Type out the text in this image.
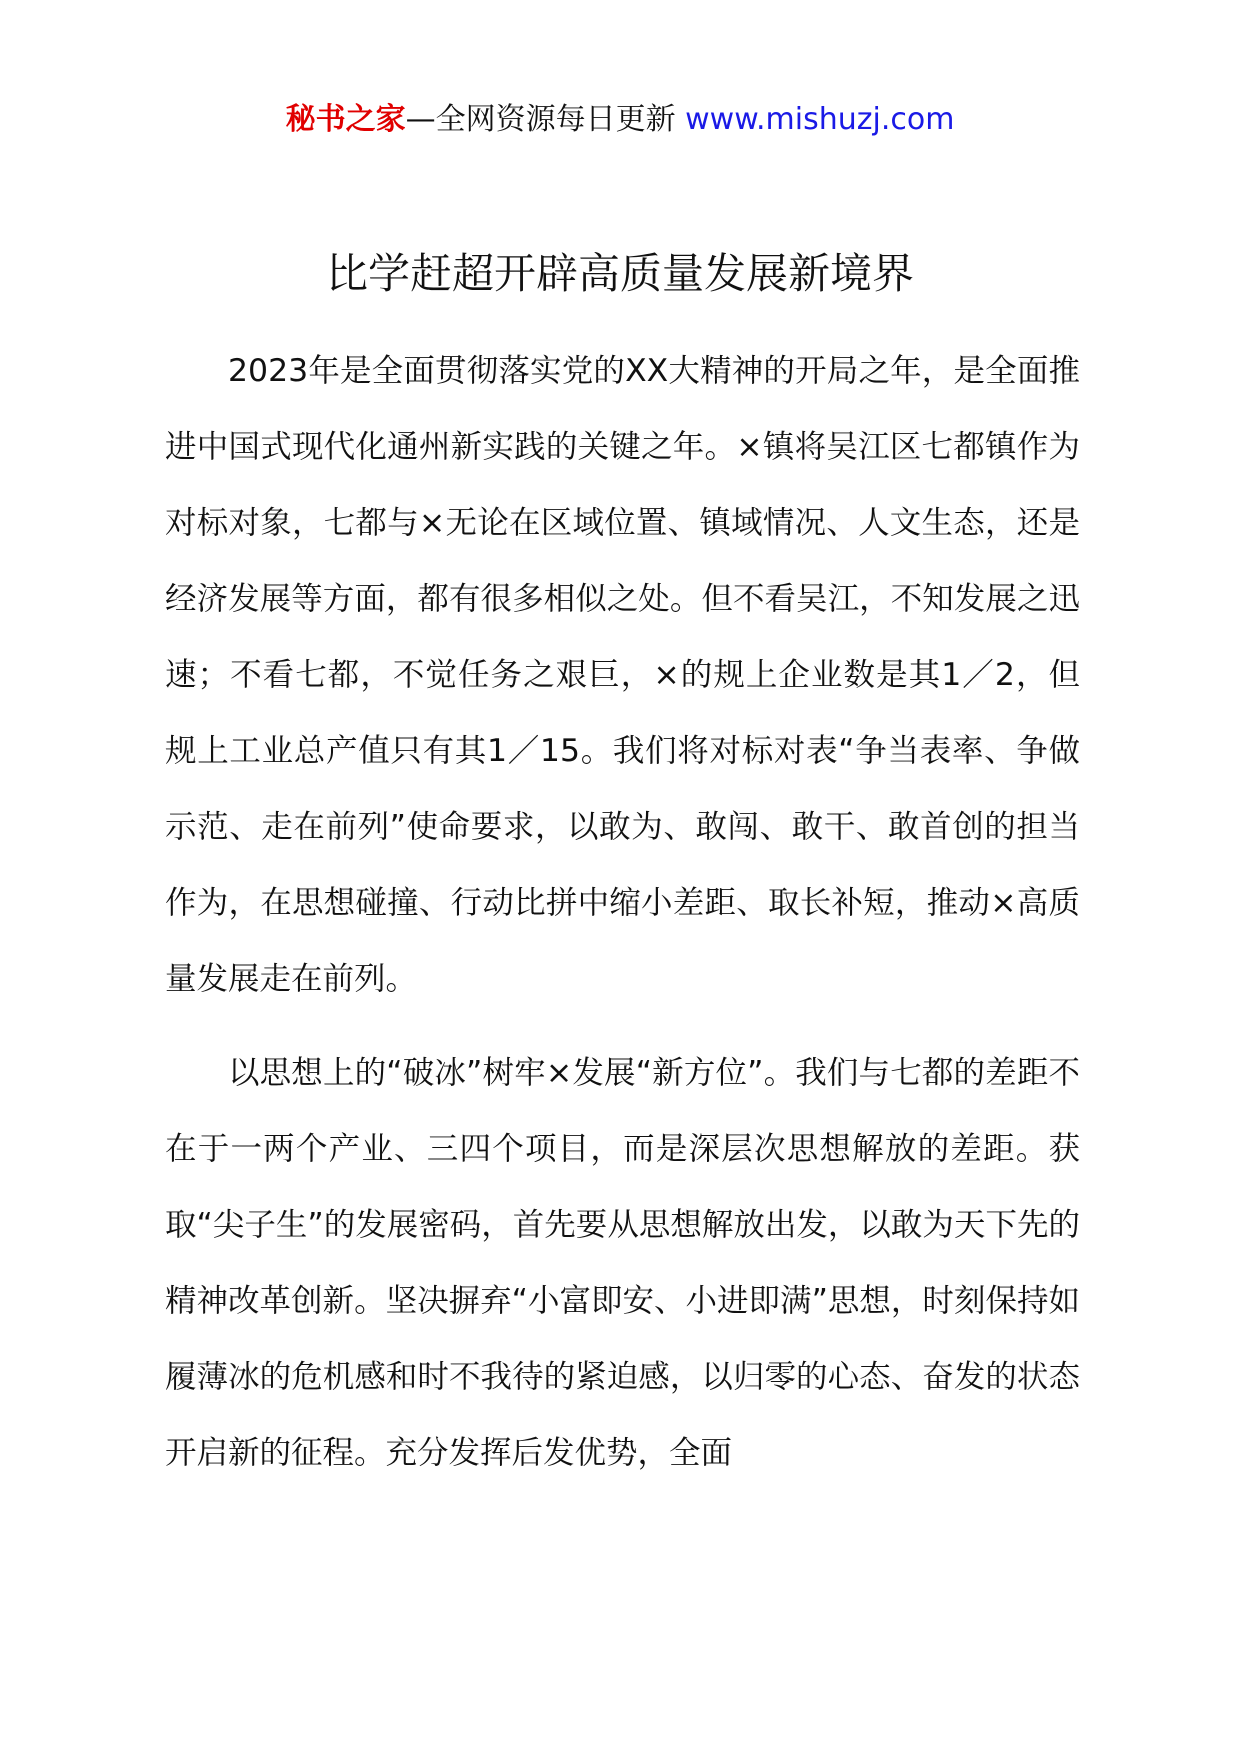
秘书之家—全网资源每日更新 www.mishuzj.com
比学赶超开辟高质量发展新境界

2023年是全面贯彻落实党的XX大精神的开局之年，是全面推进中国式现代化通州新实践的关键之年。×镇将吴江区七都镇作为对标对象，七都与×无论在区域位置、镇域情况、人文生态，还是经济发展等方面，都有很多相似之处。但不看吴江，不知发展之迅速；不看七都，不觉任务之艰巨，×的规上企业数是其1／2，但规上工业总产值只有其1／15。我们将对标对表“争当表率、争做示范、走在前列”使命要求，以敢为、敢闯、敢干、敢首创的担当作为，在思想碰撞、行动比拼中缩小差距、取长补短，推动×高质量发展走在前列。

以思想上的“破冰”树牢×发展“新方位”。我们与七都的差距不在于一两个产业、三四个项目，而是深层次思想解放的差距。获取“尖子生”的发展密码，首先要从思想解放出发，以敢为天下先的精神改革创新。坚决摒弃“小富即安、小进即满”思想，时刻保持如履薄冰的危机感和时不我待的紧迫感，以归零的心态、奋发的状态开启新的征程。充分发挥后发优势，全面
